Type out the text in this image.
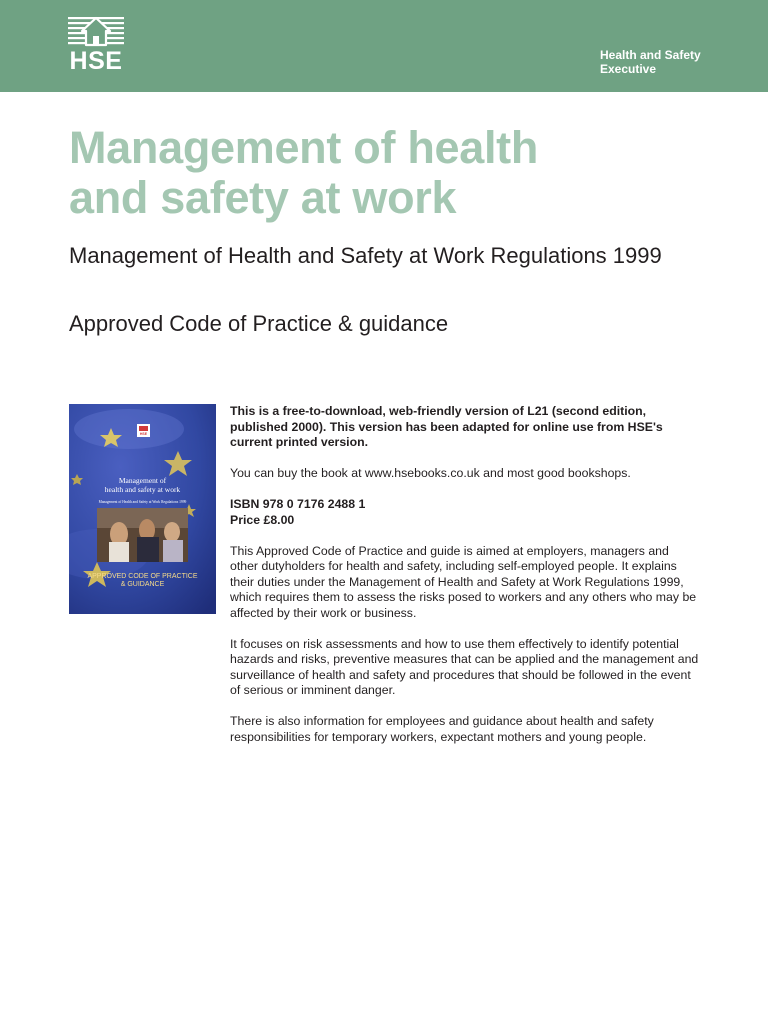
HSE	Health and Safety
Executive
Management of health
and safety at work
Management of Health and Safety at Work Regulations 1999
Approved Code of Practice & guidance
Management of
health and safety at work
Management of Health and Safety at Work Regulations 1999
APPROVED CODE OF PRACTICE
& GUIDANCE
HSE

This is a free-to-download, web-friendly version of L21 (second edition, published 2000). This version has been adapted for online use from HSE's current printed version.

You can buy the book at www.hsebooks.co.uk and most good bookshops.

ISBN 978 0 7176 2488 1
Price £8.00

This Approved Code of Practice and guide is aimed at employers, managers and other dutyholders for health and safety, including self-employed people. It explains their duties under the Management of Health and Safety at Work Regulations 1999, which requires them to assess the risks posed to workers and any others who may be affected by their work or business.

It focuses on risk assessments and how to use them effectively to identify potential hazards and risks, preventive measures that can be applied and the management and surveillance of health and safety and procedures that should be followed in the event of serious or imminent danger.

There is also information for employees and guidance about health and safety responsibilities for temporary workers, expectant mothers and young people.
